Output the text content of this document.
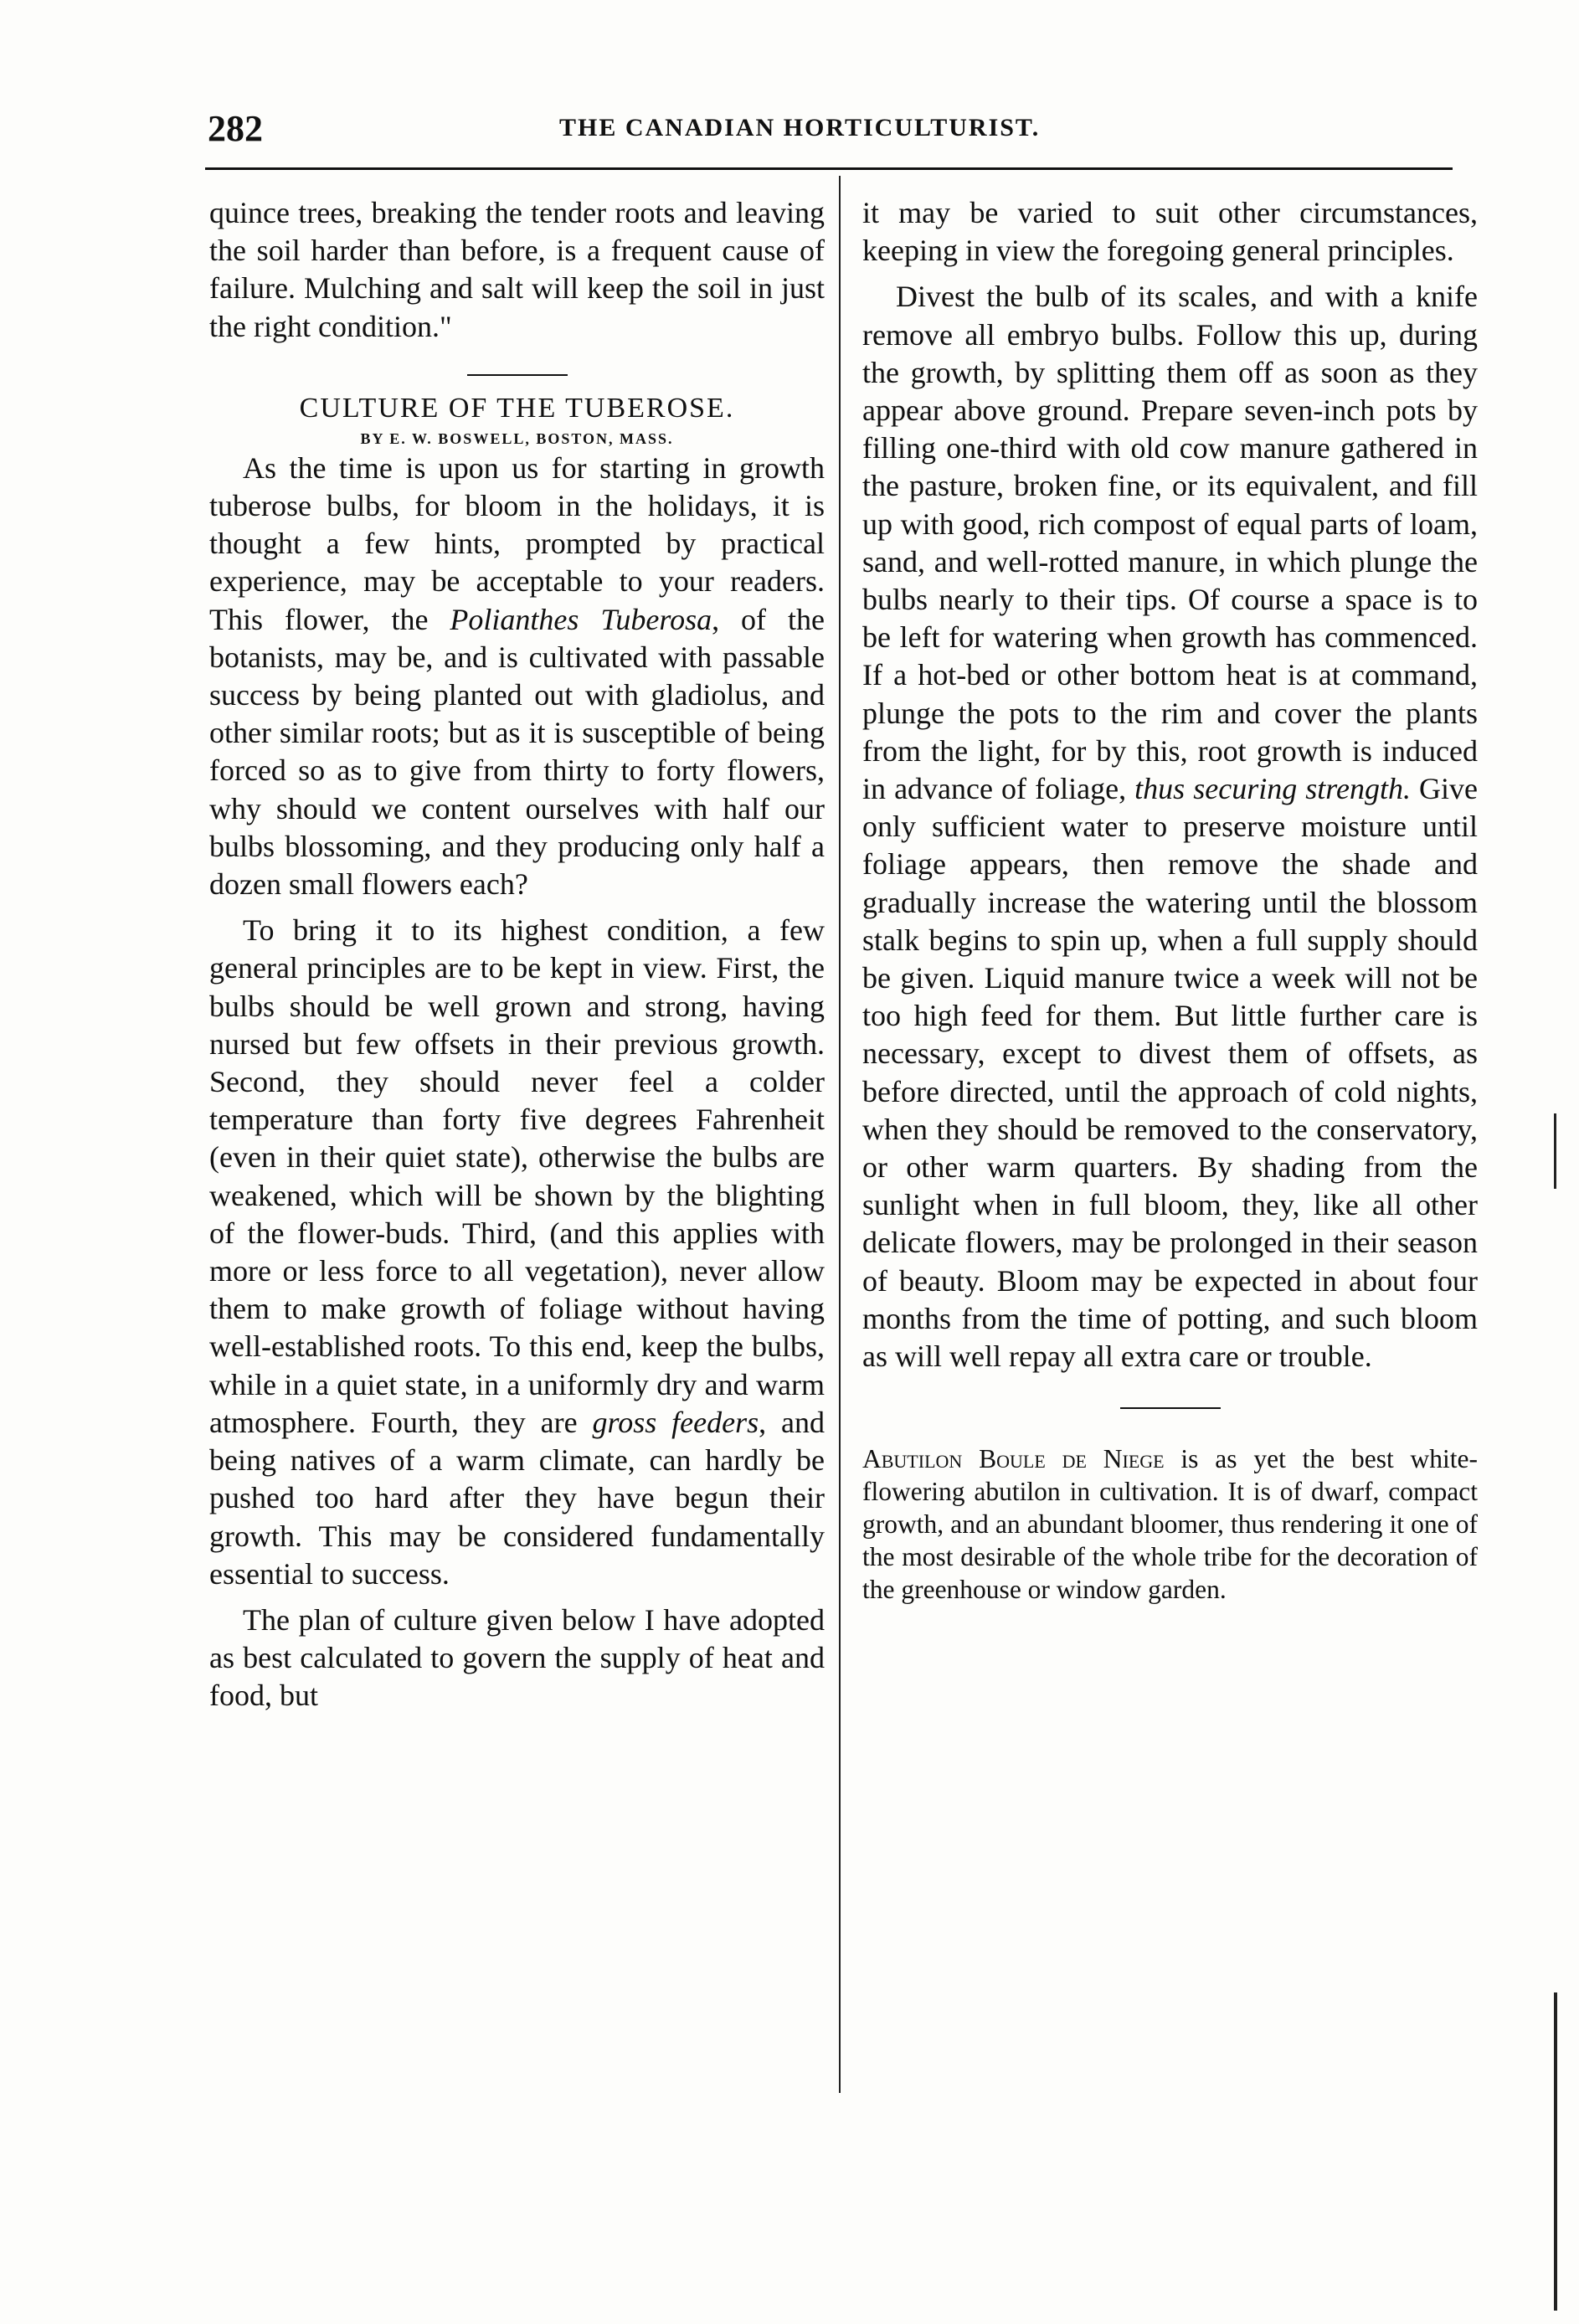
282	THE CANADIAN HORTICULTURIST.

quince trees, breaking the tender roots and leaving the soil harder than before, is a frequent cause of failure. Mulching and salt will keep the soil in just the right condition."

CULTURE OF THE TUBEROSE.

BY E. W. BOSWELL, BOSTON, MASS.

As the time is upon us for starting in growth tuberose bulbs, for bloom in the holidays, it is thought a few hints, prompted by practical experience, may be acceptable to your readers. This flower, the Polianthes Tuberosa, of the botanists, may be, and is cultivated with passable success by being planted out with gladiolus, and other similar roots; but as it is susceptible of being forced so as to give from thirty to forty flowers, why should we content ourselves with half our bulbs blossoming, and they producing only half a dozen small flowers each?

To bring it to its highest condition, a few general principles are to be kept in view. First, the bulbs should be well grown and strong, having nursed but few offsets in their previous growth. Second, they should never feel a colder temperature than forty five degrees Fahrenheit (even in their quiet state), otherwise the bulbs are weakened, which will be shown by the blighting of the flower-buds. Third, (and this applies with more or less force to all vegetation), never allow them to make growth of foliage without having well-established roots. To this end, keep the bulbs, while in a quiet state, in a uniformly dry and warm atmosphere. Fourth, they are gross feeders, and being natives of a warm climate, can hardly be pushed too hard after they have begun their growth. This may be considered fundamentally essential to success.

The plan of culture given below I have adopted as best calculated to govern the supply of heat and food, but

it may be varied to suit other circumstances, keeping in view the foregoing general principles.

Divest the bulb of its scales, and with a knife remove all embryo bulbs. Follow this up, during the growth, by splitting them off as soon as they appear above ground. Prepare seven-inch pots by filling one-third with old cow manure gathered in the pasture, broken fine, or its equivalent, and fill up with good, rich compost of equal parts of loam, sand, and well-rotted manure, in which plunge the bulbs nearly to their tips. Of course a space is to be left for watering when growth has commenced. If a hot-bed or other bottom heat is at command, plunge the pots to the rim and cover the plants from the light, for by this, root growth is induced in advance of foliage, thus securing strength. Give only sufficient water to preserve moisture until foliage appears, then remove the shade and gradually increase the watering until the blossom stalk begins to spin up, when a full supply should be given. Liquid manure twice a week will not be too high feed for them. But little further care is necessary, except to divest them of offsets, as before directed, until the approach of cold nights, when they should be removed to the conservatory, or other warm quarters. By shading from the sunlight when in full bloom, they, like all other delicate flowers, may be prolonged in their season of beauty. Bloom may be expected in about four months from the time of potting, and such bloom as will well repay all extra care or trouble.

Abutilon Boule de Niege is as yet the best white-flowering abutilon in cultivation. It is of dwarf, compact growth, and an abundant bloomer, thus rendering it one of the most desirable of the whole tribe for the decoration of the greenhouse or window garden.
